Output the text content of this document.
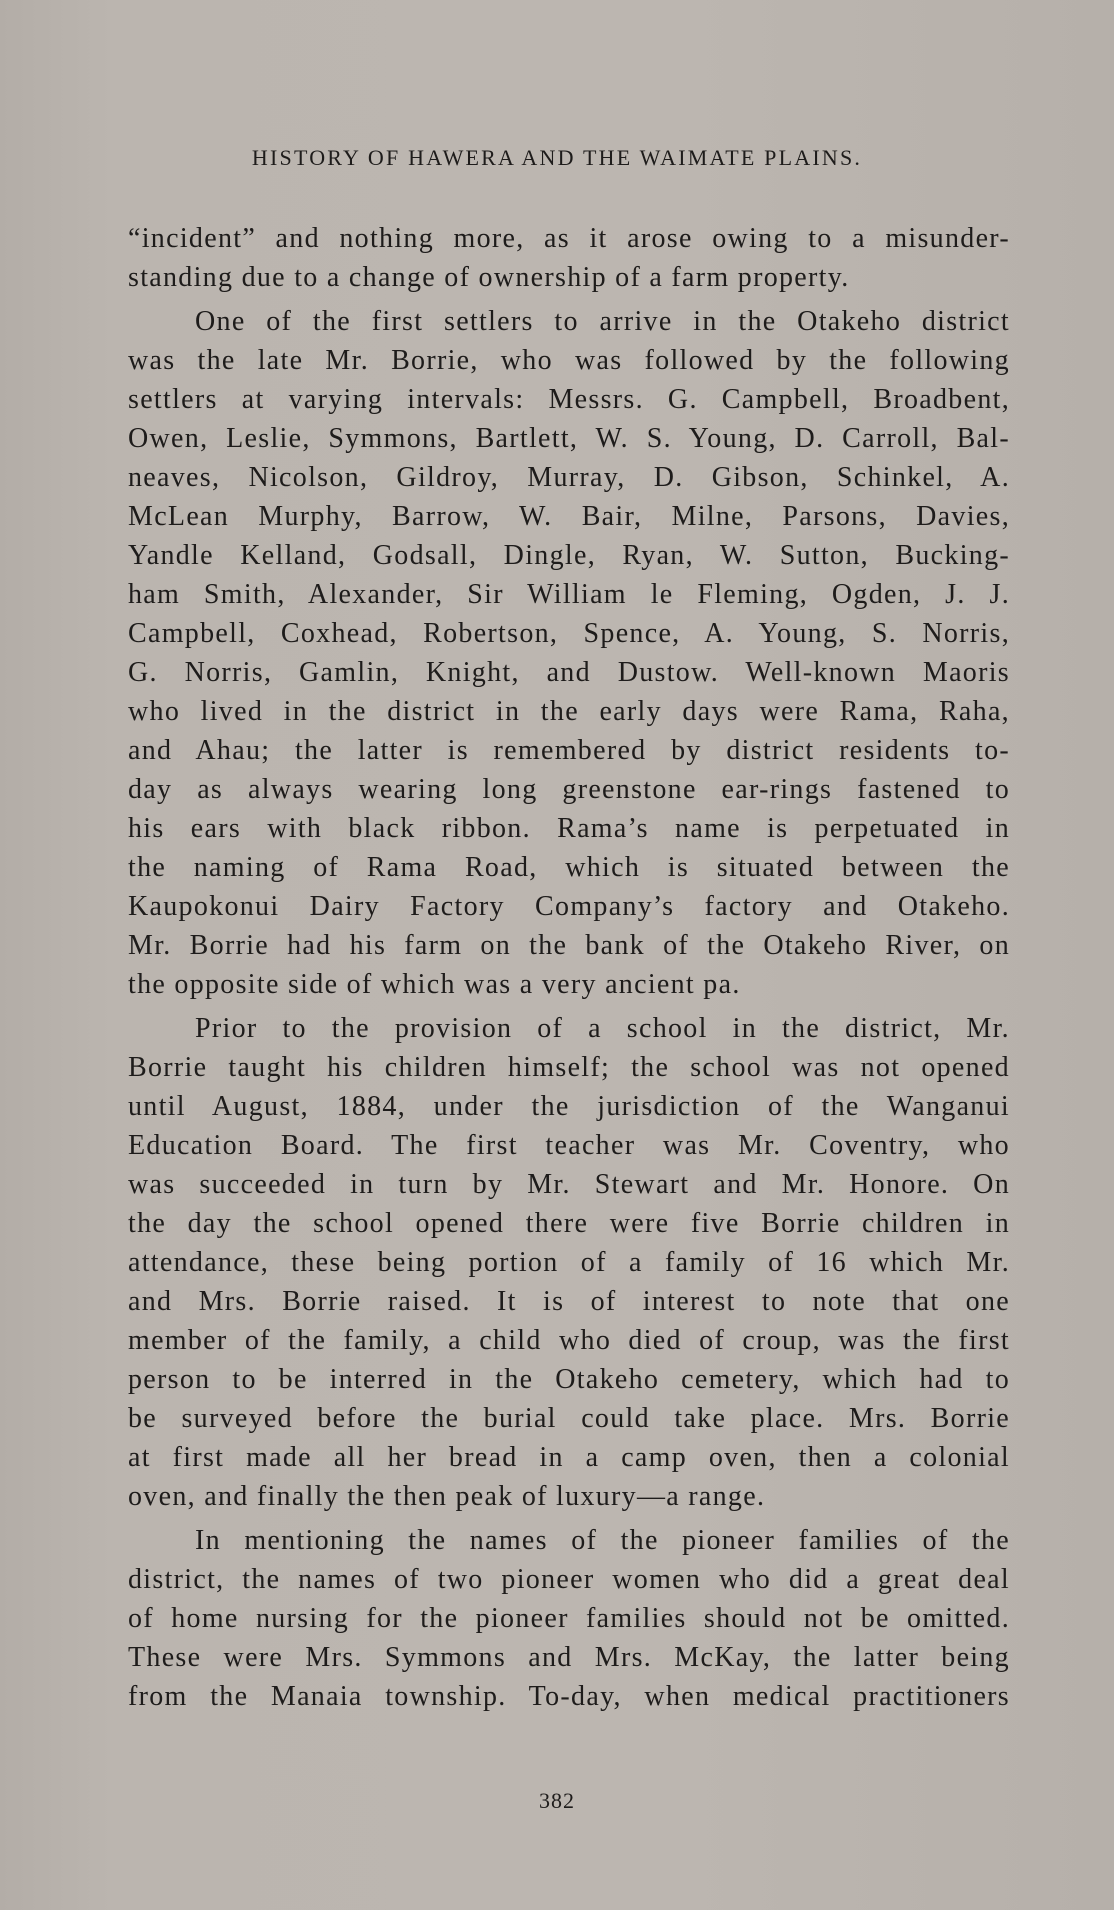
HISTORY OF HAWERA AND THE WAIMATE PLAINS.
“incident” and nothing more, as it arose owing to a misunder-
standing due to a change of ownership of a farm property.
One of the first settlers to arrive in the Otakeho district
was the late Mr. Borrie, who was followed by the following
settlers at varying intervals: Messrs. G. Campbell, Broadbent,
Owen, Leslie, Symmons, Bartlett, W. S. Young, D. Carroll, Bal-
neaves, Nicolson, Gildroy, Murray, D. Gibson, Schinkel, A.
McLean Murphy, Barrow, W. Bair, Milne, Parsons, Davies,
Yandle Kelland, Godsall, Dingle, Ryan, W. Sutton, Bucking-
ham Smith, Alexander, Sir William le Fleming, Ogden, J. J.
Campbell, Coxhead, Robertson, Spence, A. Young, S. Norris,
G. Norris, Gamlin, Knight, and Dustow. Well-known Maoris
who lived in the district in the early days were Rama, Raha,
and Ahau; the latter is remembered by district residents to-
day as always wearing long greenstone ear-rings fastened to
his ears with black ribbon. Rama’s name is perpetuated in
the naming of Rama Road, which is situated between the
Kaupokonui Dairy Factory Company’s factory and Otakeho.
Mr. Borrie had his farm on the bank of the Otakeho River, on
the opposite side of which was a very ancient pa.
Prior to the provision of a school in the district, Mr.
Borrie taught his children himself; the school was not opened
until August, 1884, under the jurisdiction of the Wanganui
Education Board. The first teacher was Mr. Coventry, who
was succeeded in turn by Mr. Stewart and Mr. Honore. On
the day the school opened there were five Borrie children in
attendance, these being portion of a family of 16 which Mr.
and Mrs. Borrie raised. It is of interest to note that one
member of the family, a child who died of croup, was the first
person to be interred in the Otakeho cemetery, which had to
be surveyed before the burial could take place. Mrs. Borrie
at first made all her bread in a camp oven, then a colonial
oven, and finally the then peak of luxury—a range.
In mentioning the names of the pioneer families of the
district, the names of two pioneer women who did a great deal
of home nursing for the pioneer families should not be omitted.
These were Mrs. Symmons and Mrs. McKay, the latter being
from the Manaia township. To-day, when medical practitioners
382
